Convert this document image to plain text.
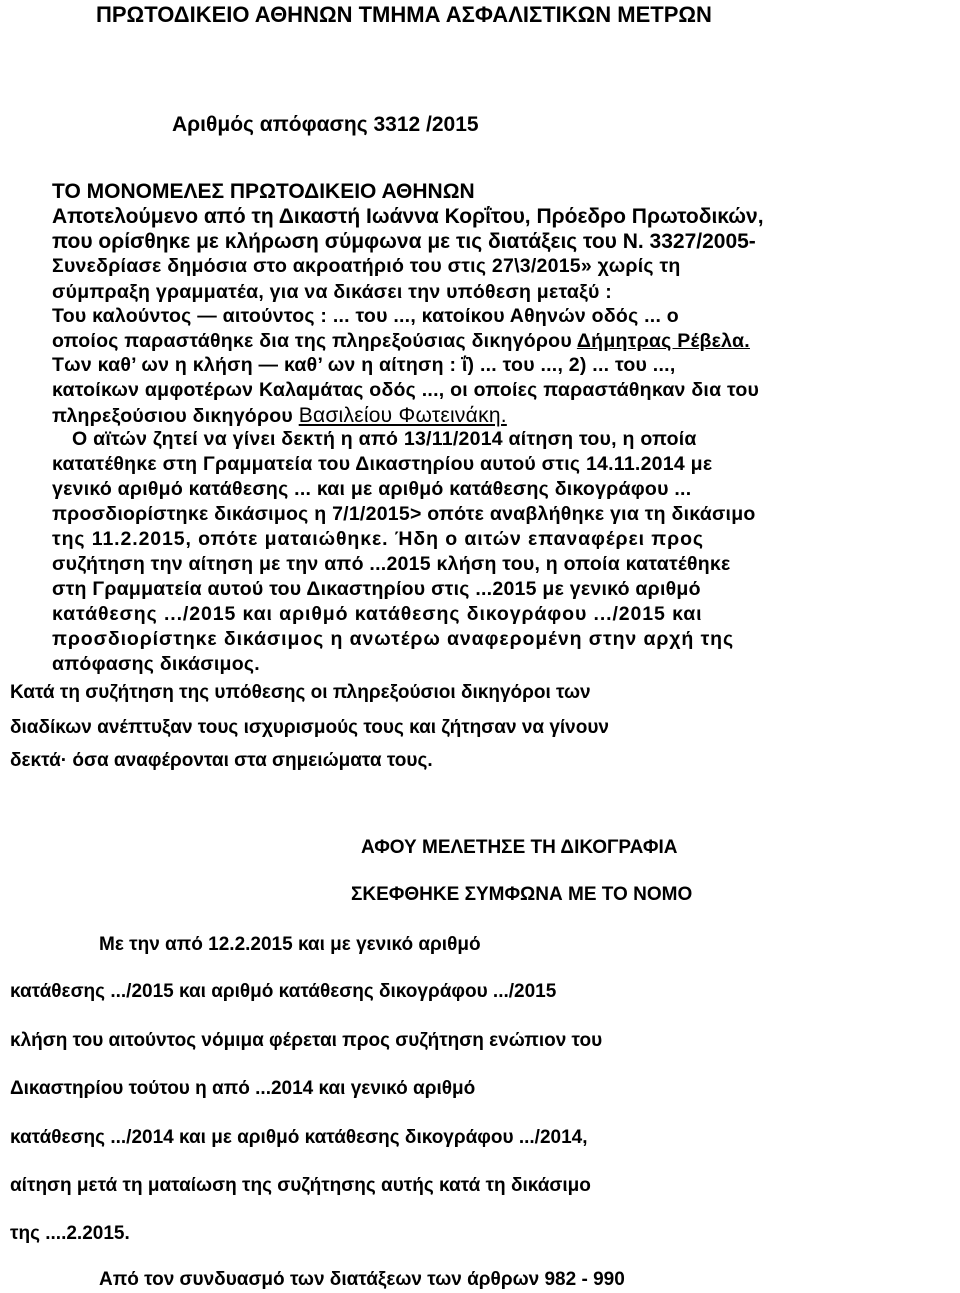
ΠΡΩΤΟΔΙΚΕΙΟ ΑΘΗΝΩΝ ΤΜΗΜΑ ΑΣΦΑΛΙΣΤΙΚΩΝ ΜΕΤΡΩΝ
Αριθμός απόφασης 3312 /2015
ΤΟ ΜΟΝΟΜΕΛΕΣ ΠΡΩΤΟΔΙΚΕΙΟ ΑΘΗΝΩΝ
Αποτελούμενο από τη Δικαστή Ιωάννα Κορΐτου, Πρόεδρο Πρωτοδικών,
που ορίσθηκε με κλήρωση σύμφωνα με τις διατάξεις του Ν. 3327/2005-
Συνεδρίασε δημόσια στο ακροατήριό του στις 27\3/2015» χωρίς τη
σύμπραξη γραμματέα, για να δικάσει την υπόθεση μεταξύ :
Του καλούντος — αιτούντος : ... του ..., κατοίκου Αθηνών οδός ... ο
οποίος παραστάθηκε δια της πληρεξούσιας δικηγόρου Δήμητρας Ρέβελα.
Των καθ’ ων η κλήση — καθ’ ων η αίτηση : ΐ) ... του ..., 2) ... του ...,
κατοίκων αμφοτέρων Καλαμάτας οδός ..., οι οποίες παραστάθηκαν δια του
πληρεξούσιου δικηγόρου Βασιλείου Φωτεινάκη.
Ο αϊτών ζητεί να γίνει δεκτή η από 13/11/2014 αίτηση του, η οποία
κατατέθηκε στη Γραμματεία του Δικαστηρίου αυτού στις 14.11.2014 με
γενικό αριθμό κατάθεσης ... και με αριθμό κατάθεσης δικογράφου ...
προσδιορίστηκε δικάσιμος η 7/1/2015> οπότε αναβλήθηκε για τη δικάσιμο
της 11.2.2015, οπότε ματαιώθηκε. Ήδη ο αιτών επαναφέρει προς
συζήτηση την αίτηση με την από ...2015 κλήση του, η οποία κατατέθηκε
στη Γραμματεία αυτού του Δικαστηρίου στις ...2015 με γενικό αριθμό
κατάθεσης .../2015 και αριθμό κατάθεσης δικογράφου .../2015 και
προσδιορίστηκε δικάσιμος η ανωτέρω αναφερομένη στην αρχή της
απόφασης δικάσιμος.
Κατά τη συζήτηση της υπόθεσης οι πληρεξούσιοι δικηγόροι των
διαδίκων ανέπτυξαν τους ισχυρισμούς τους και ζήτησαν να γίνουν
δεκτά· όσα αναφέρονται στα σημειώματα τους.
ΑΦΟΥ ΜΕΛΕΤΗΣΕ ΤΗ ΔΙΚΟΓΡΑΦΙΑ
ΣΚΕΦΘΗΚΕ ΣΥΜΦΩΝΑ ΜΕ ΤΟ ΝΟΜΟ
Με την από 12.2.2015 και με γενικό αριθμό
κατάθεσης .../2015 και αριθμό κατάθεσης δικογράφου .../2015
κλήση του αιτούντος νόμιμα φέρεται προς συζήτηση ενώπιον του
Δικαστηρίου τούτου η από ...2014 και γενικό αριθμό
κατάθεσης .../2014 και με αριθμό κατάθεσης δικογράφου .../2014,
αίτηση μετά τη ματαίωση της συζήτησης αυτής κατά τη δικάσιμο
της ....2.2015.
Από τον συνδυασμό των διατάξεων των άρθρων 982 - 990
